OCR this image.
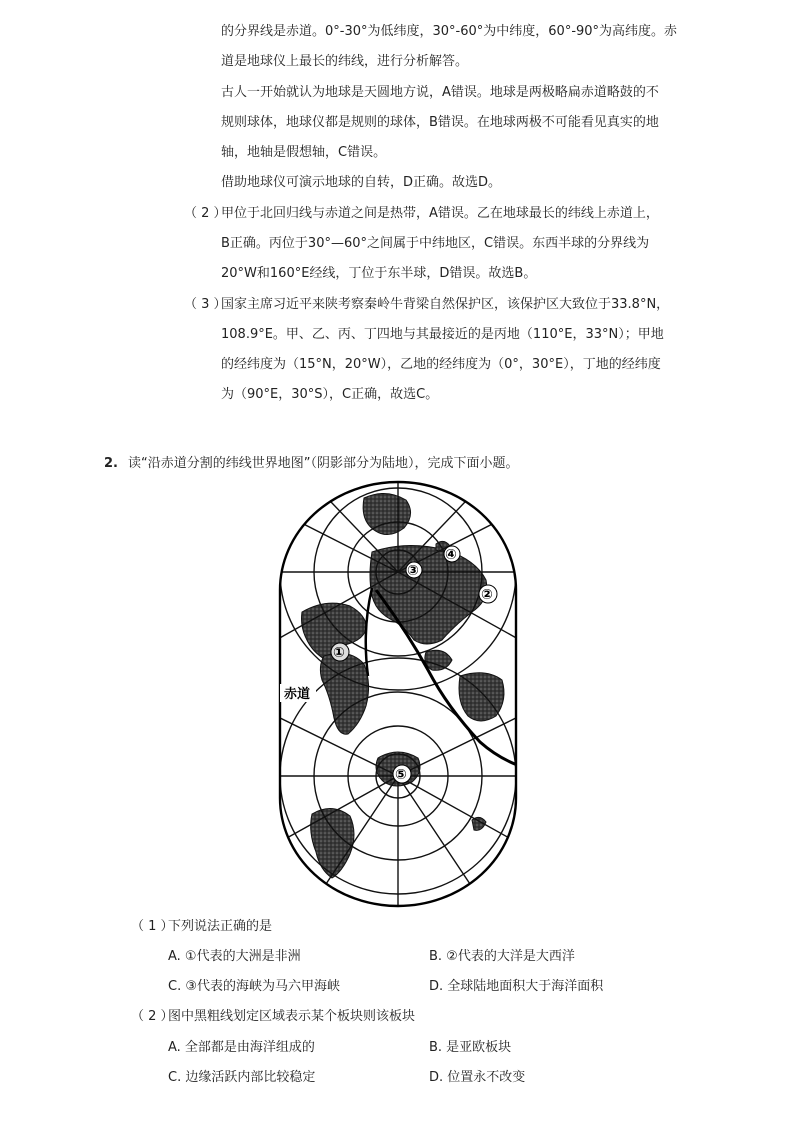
的分界线是赤道。0°-30°为低纬度，30°-60°为中纬度，60°-90°为高纬度。赤
道是地球仪上最长的纬线，进行分析解答。
古人一开始就认为地球是天圆地方说，A错误。地球是两极略扁赤道略鼓的不
规则球体，地球仪都是规则的球体，B错误。在地球两极不可能看见真实的地
轴，地轴是假想轴，C错误。
借助地球仪可演示地球的自转，D正确。故选D。
（ 2 ）
甲位于北回归线与赤道之间是热带，A错误。乙在地球最长的纬线上赤道上，
B正确。丙位于30°—60°之间属于中纬地区，C错误。东西半球的分界线为
20°W和160°E经线，丁位于东半球，D错误。故选B。
（ 3 ）
国家主席习近平来陕考察秦岭牛背梁自然保护区，该保护区大致位于33.8°N，
108.9°E。甲、乙、丙、丁四地与其最接近的是丙地（110°E，33°N）；甲地
的经纬度为（15°N，20°W），乙地的经纬度为（0°，30°E），丁地的经纬度
为（90°E，30°S），C正确，故选C。
2. 读“沿赤道分割的纬线世界地图”（阴影部分为陆地），完成下面小题。
赤道
①
②
③
④
⑤
（ 1 ）
下列说法正确的是
A. ①代表的大洲是非洲	B. ②代表的大洋是大西洋
C. ③代表的海峡为马六甲海峡	D. 全球陆地面积大于海洋面积
（ 2 ）
图中黑粗线划定区域表示某个板块则该板块
A. 全部都是由海洋组成的	B. 是亚欧板块
C. 边缘活跃内部比较稳定	D. 位置永不改变
